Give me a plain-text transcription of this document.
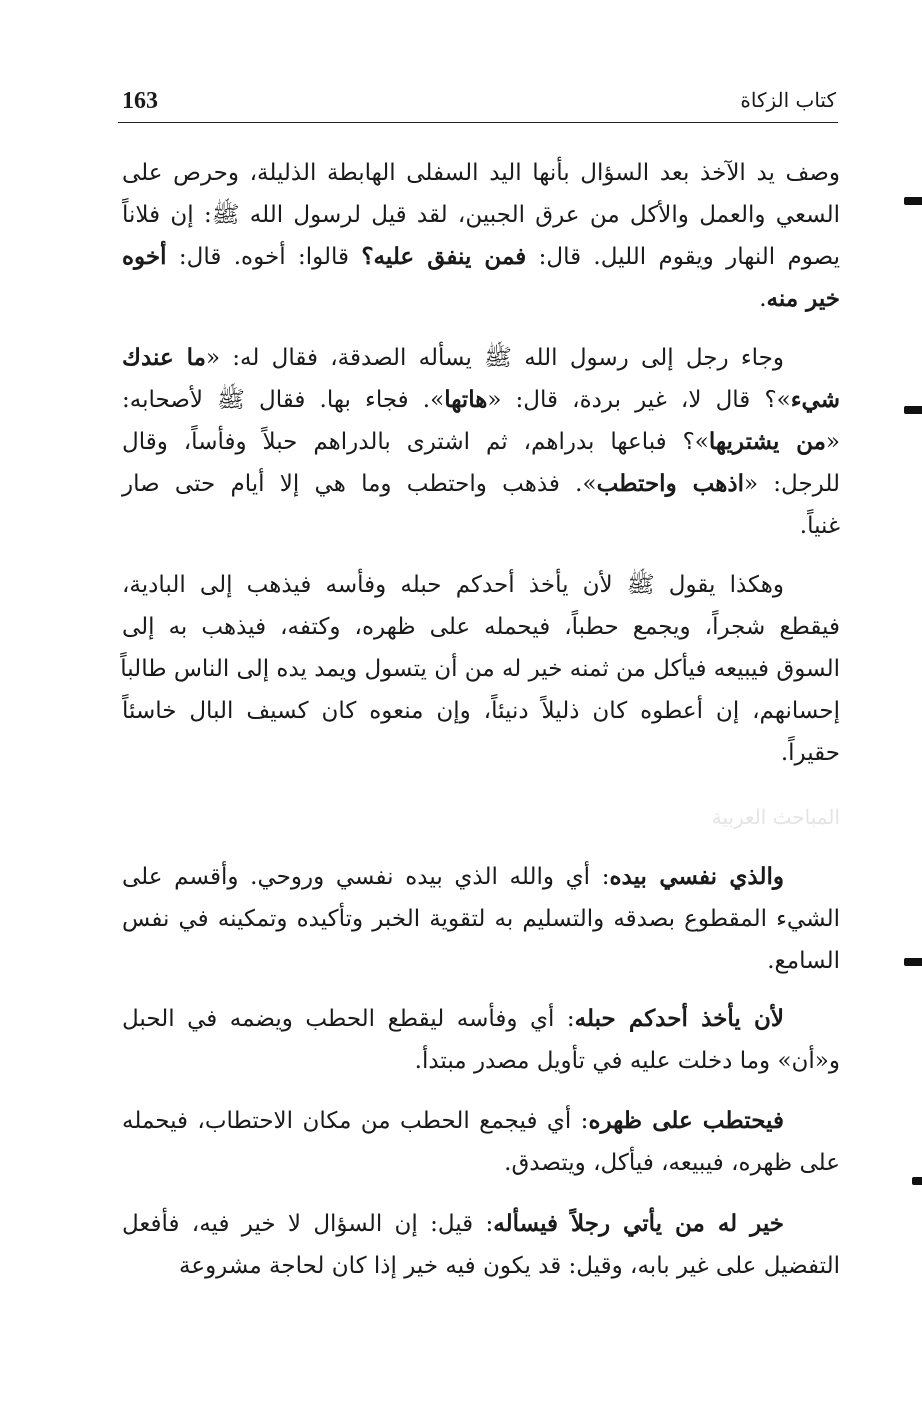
163	كتاب الزكاة
وصف يد الآخذ بعد السؤال بأنها اليد السفلى الهابطة الذليلة، وحرص على
السعي والعمل والأكل من عرق الجبين، لقد قيل لرسول الله ﷺ: إن فلاناً
يصوم النهار ويقوم الليل. قال: فمن ينفق عليه؟ قالوا: أخوه. قال: أخوه
خير منه.
وجاء رجل إلى رسول الله ﷺ يسأله الصدقة، فقال له: «ما عندك
شيء»؟ قال لا، غير بردة، قال: «هاتها». فجاء بها. فقال ﷺ لأصحابه:
«من يشتريها»؟ فباعها بدراهم، ثم اشترى بالدراهم حبلاً وفأساً، وقال
للرجل: «اذهب واحتطب». فذهب واحتطب وما هي إلا أيام حتى صار
غنياً.
وهكذا يقول ﷺ لأن يأخذ أحدكم حبله وفأسه فيذهب إلى البادية،
فيقطع شجراً، ويجمع حطباً، فيحمله على ظهره، وكتفه، فيذهب به إلى
السوق فيبيعه فيأكل من ثمنه خير له من أن يتسول ويمد يده إلى الناس طالباً
إحسانهم، إن أعطوه كان ذليلاً دنيئاً، وإن منعوه كان كسيف البال خاسئاً
حقيراً.
المباحث العربية
والذي نفسي بيده: أي والله الذي بيده نفسي وروحي. وأقسم على
الشيء المقطوع بصدقه والتسليم به لتقوية الخبر وتأكيده وتمكينه في نفس
السامع.
لأن يأخذ أحدكم حبله: أي وفأسه ليقطع الحطب ويضمه في الحبل
و«أن» وما دخلت عليه في تأويل مصدر مبتدأ.
فيحتطب على ظهره: أي فيجمع الحطب من مكان الاحتطاب، فيحمله
على ظهره، فيبيعه، فيأكل، ويتصدق.
خير له من يأتي رجلاً فيسأله: قيل: إن السؤال لا خير فيه، فأفعل
التفضيل على غير بابه، وقيل: قد يكون فيه خير إذا كان لحاجة مشروعة
